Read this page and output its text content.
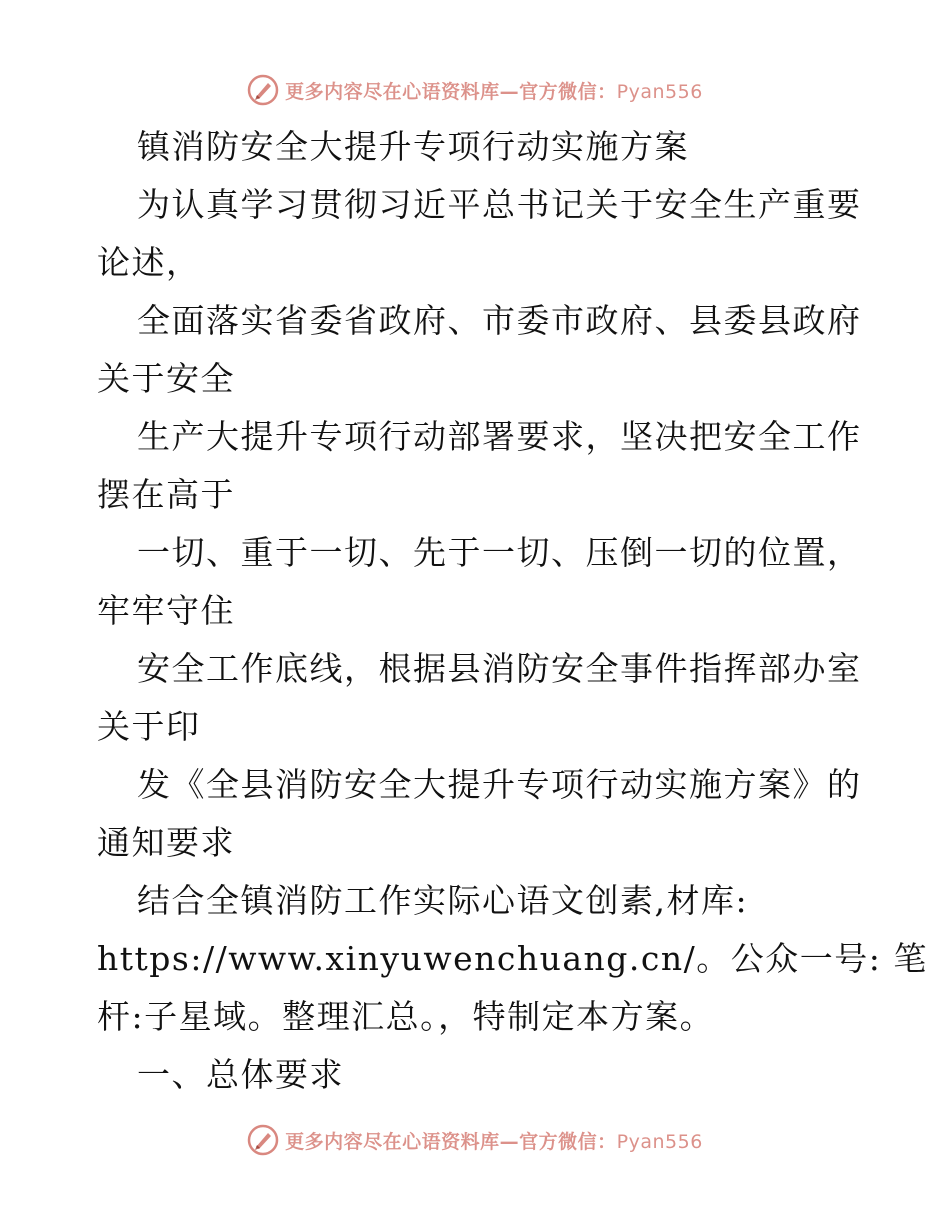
更多内容尽在心语资料库—官方微信：Pyan556
镇消防安全大提升专项行动实施方案
为认真学习贯彻习近平总书记关于安全生产重要
论述，
全面落实省委省政府、市委市政府、县委县政府
关于安全
生产大提升专项行动部署要求，坚决把安全工作
摆在高于
一切、重于一切、先于一切、压倒一切的位置，
牢牢守住
安全工作底线，根据县消防安全事件指挥部办室
关于印
发《全县消防安全大提升专项行动实施方案》的
通知要求
结合全镇消防工作实际心语文创素,材库:
https://www.xinyuwenchuang.cn/。公众一号: 笔
杆:子星域。整理汇总。，特制定本方案。
一、总体要求
更多内容尽在心语资料库—官方微信：Pyan556
